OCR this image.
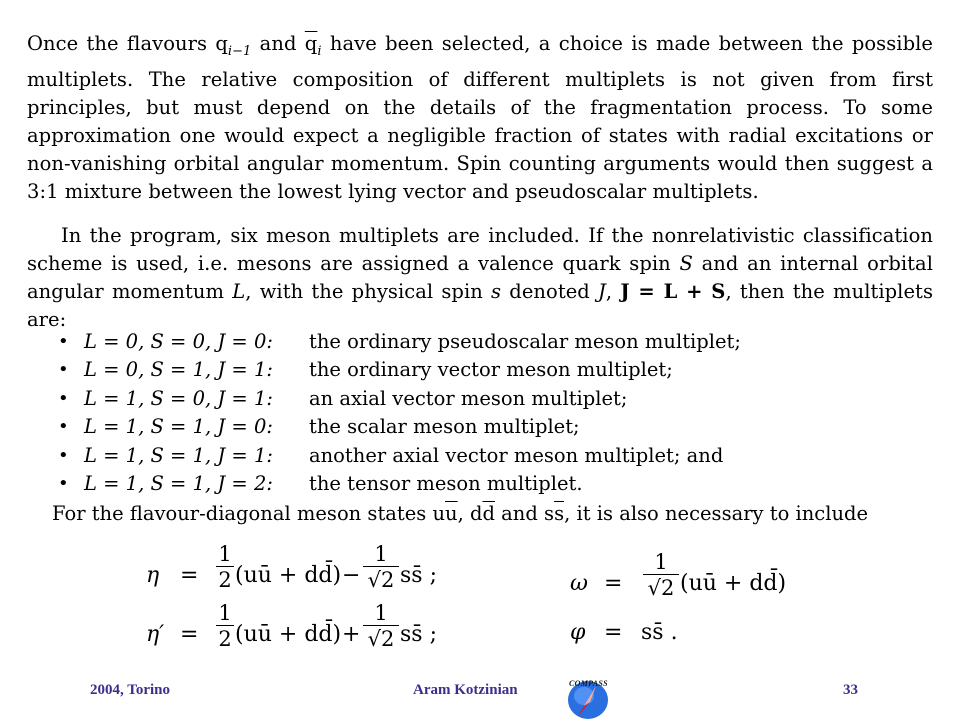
Once the flavours $q_{i-1}$ and $\overline{q}_i$ have been selected, a choice is made between the possible multiplets. The relative composition of different multiplets is not given from first principles, but must depend on the details of the fragmentation process. To some approximation one would expect a negligible fraction of states with radial excitations or non-vanishing orbital angular momentum. Spin counting arguments would then suggest a 3:1 mixture between the lowest lying vector and pseudoscalar multiplets.
In the program, six meson multiplets are included. If the nonrelativistic classification scheme is used, i.e. mesons are assigned a valence quark spin S and an internal orbital angular momentum L, with the physical spin s denoted J, J = L + S, then the multiplets are:
• L = 0, S = 0, J = 0: the ordinary pseudoscalar meson multiplet;
• L = 0, S = 1, J = 1: the ordinary vector meson multiplet;
• L = 1, S = 0, J = 1: an axial vector meson multiplet;
• L = 1, S = 1, J = 0: the scalar meson multiplet;
• L = 1, S = 1, J = 1: another axial vector meson multiplet; and
• L = 1, S = 1, J = 2: the tensor meson multiplet.
For the flavour-diagonal meson states $u\overline{u}$, $d\overline{d}$ and $s\overline{s}$, it is also necessary to include
η =
1
2 (uū + dd̄) −
1
√2 ss̄ ;
η′ =
1
2 (uū + dd̄) +
1
√2 ss̄ ;
ω =
1
√2 (uū + dd̄)
φ = ss̄ .
2004, Torino	Aram Kotzinian	33
COMPASS
